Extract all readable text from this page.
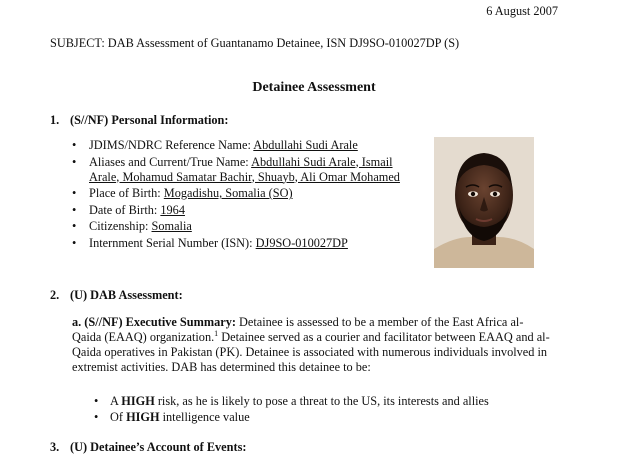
6 August 2007
SUBJECT: DAB Assessment of Guantanamo Detainee, ISN DJ9SO-010027DP (S)
Detainee Assessment
1. (S//NF) Personal Information:
• JDIMS/NDRC Reference Name: Abdullahi Sudi Arale
• Aliases and Current/True Name: Abdullahi Sudi Arale, Ismail Arale, Mohamud Samatar Bachir, Shuayb, Ali Omar Mohamed
• Place of Birth: Mogadishu, Somalia (SO)
• Date of Birth: 1964
• Citizenship: Somalia
• Internment Serial Number (ISN): DJ9SO-010027DP
2. (U) DAB Assessment:
a. (S//NF) Executive Summary: Detainee is assessed to be a member of the East Africa al-Qaida (EAAQ) organization.$^1$ Detainee served as a courier and facilitator between EAAQ and al-Qaida operatives in Pakistan (PK). Detainee is associated with numerous individuals involved in extremist activities. DAB has determined this detainee to be:
• A HIGH risk, as he is likely to pose a threat to the US, its interests and allies
• Of HIGH intelligence value
3. (U) Detainee’s Account of Events:
